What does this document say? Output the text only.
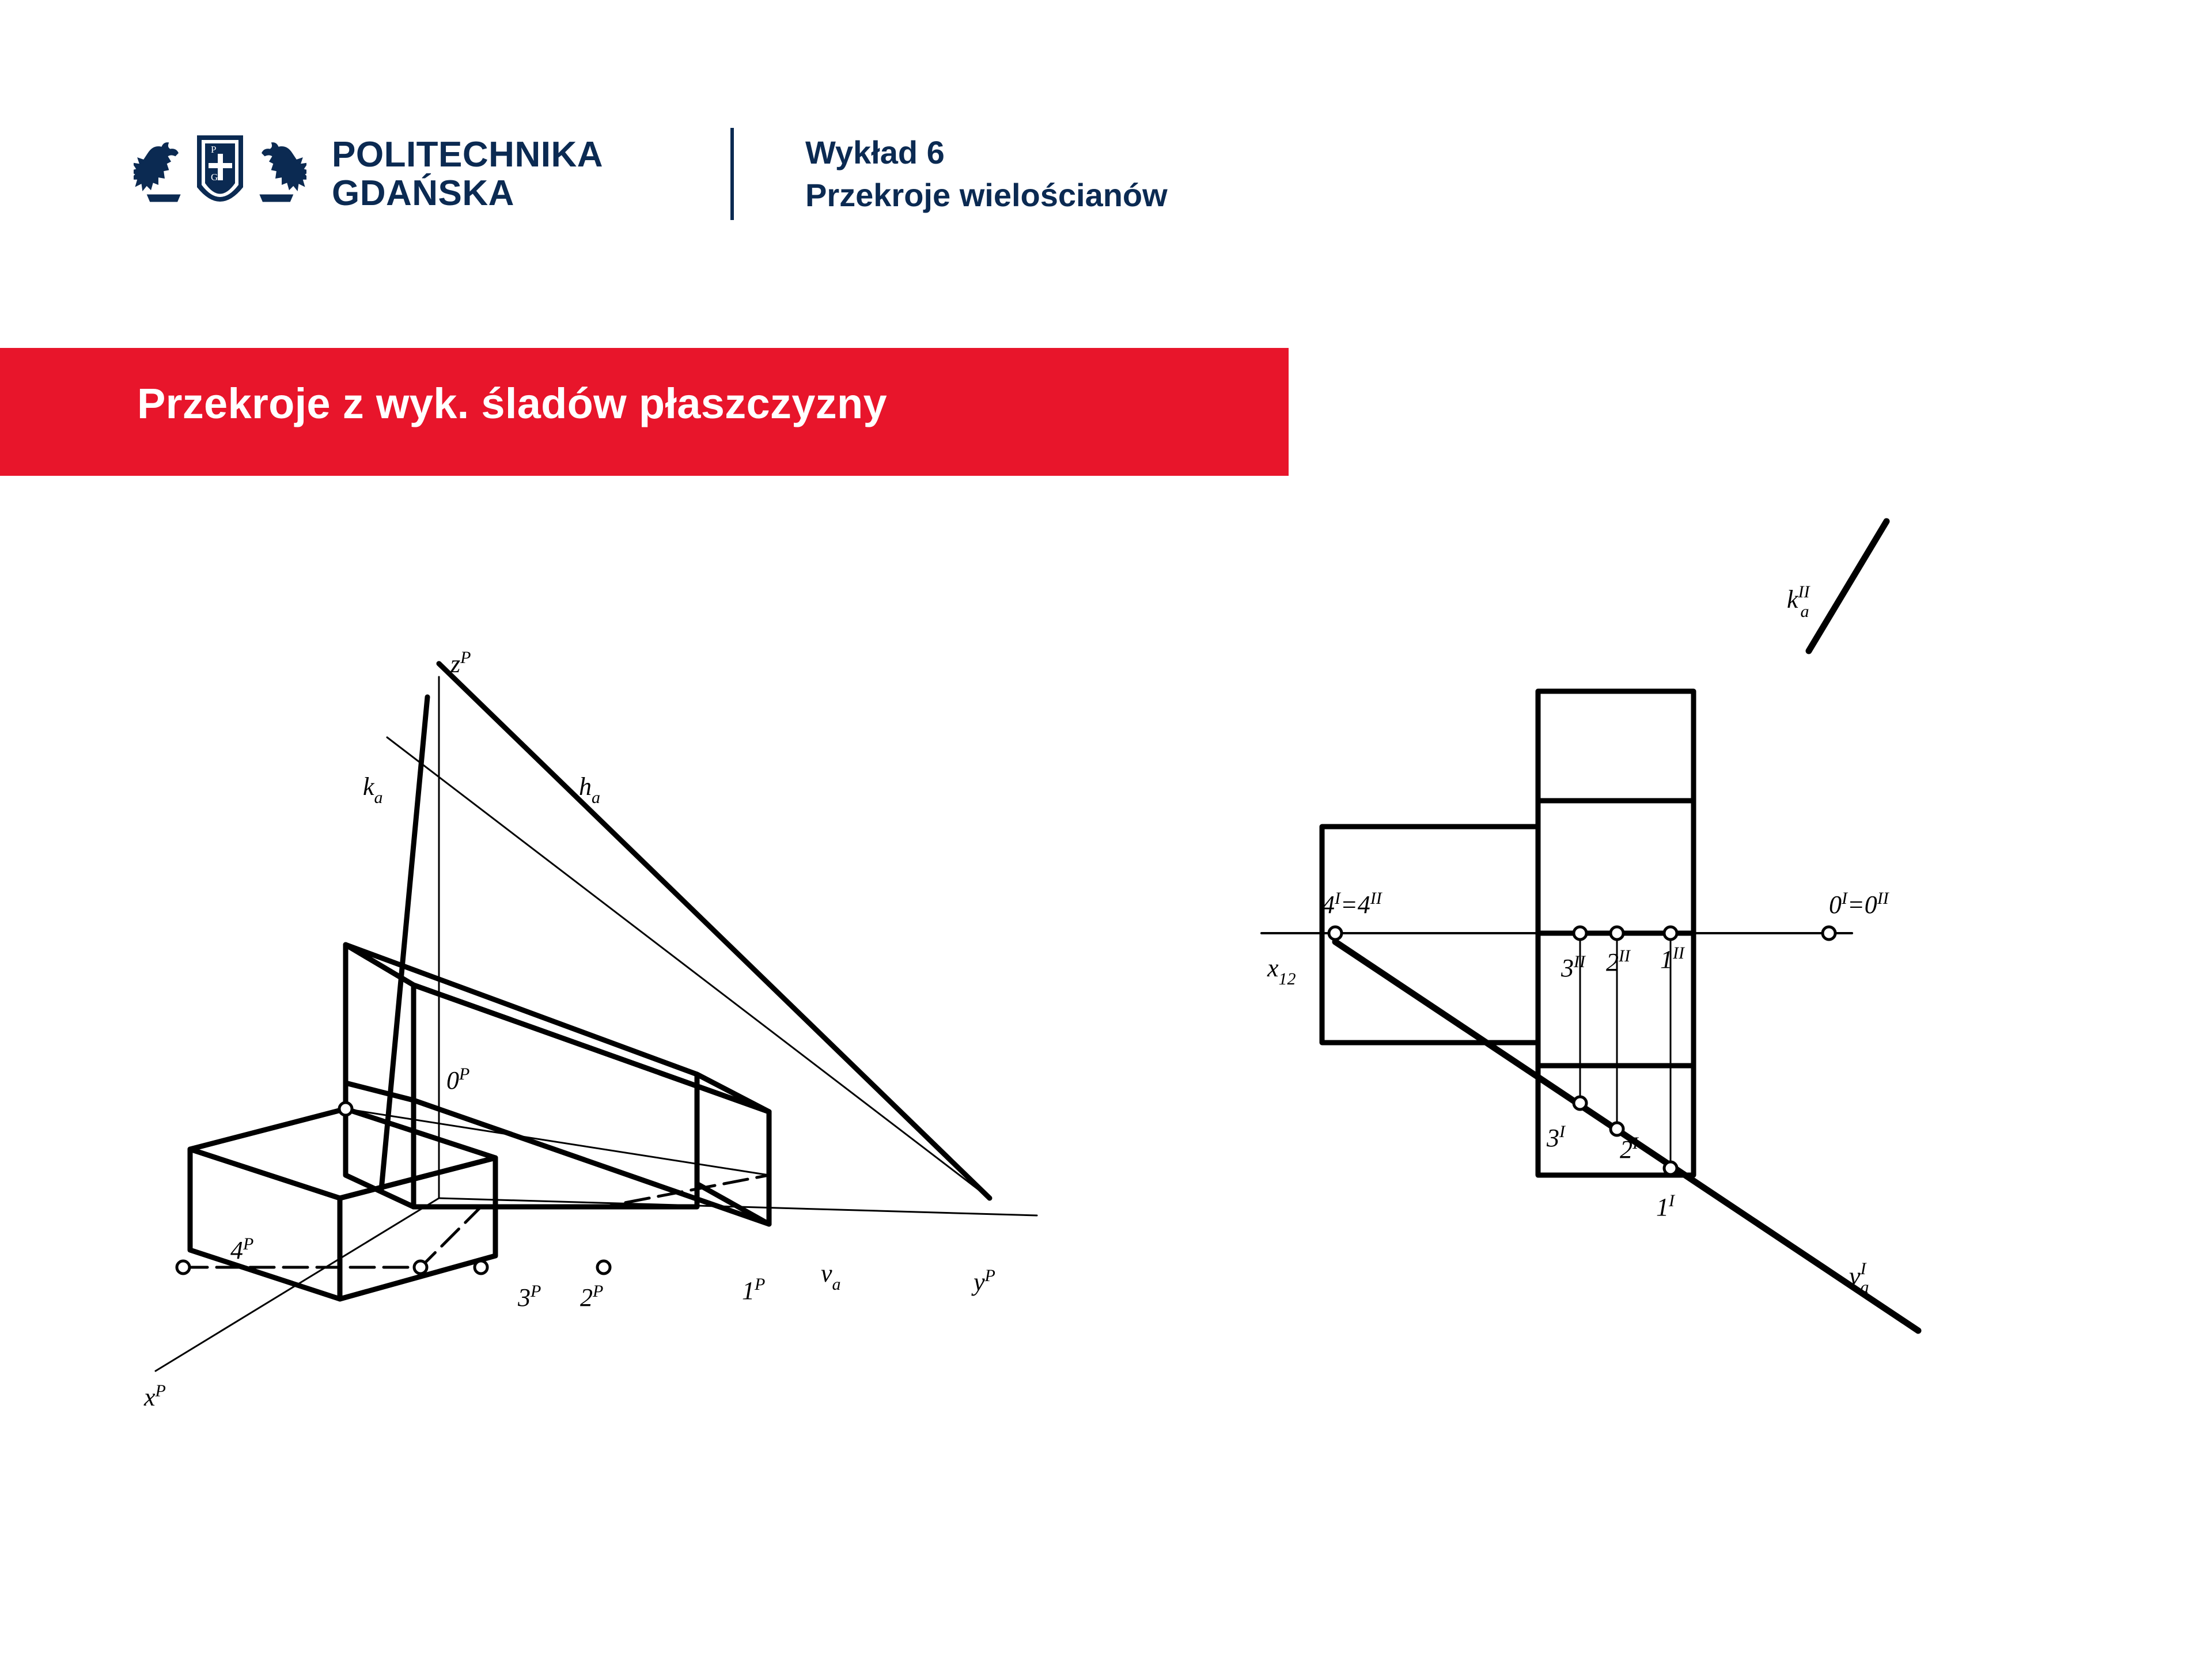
P
G
POLITECHNIKA
GDAŃSKA
Wykład 6
Przekroje wielościanów
Przekroje z wyk. śladów płaszczyzny
$z^P$
$x^P$
$y^P$
$k_a$	$h_a$
$v_a$
$0^P$
$4^P$
$3^P$ $2^P$	$1^P$
$x_{12}$
$k^{II}$ a
$v^I$ a
$4^I=4^{II}$	$0^I=0^{II}$
$3^{II}$ $2^{II}$ $1^{II}$
$3^I$
$2^I$
$1^I$
